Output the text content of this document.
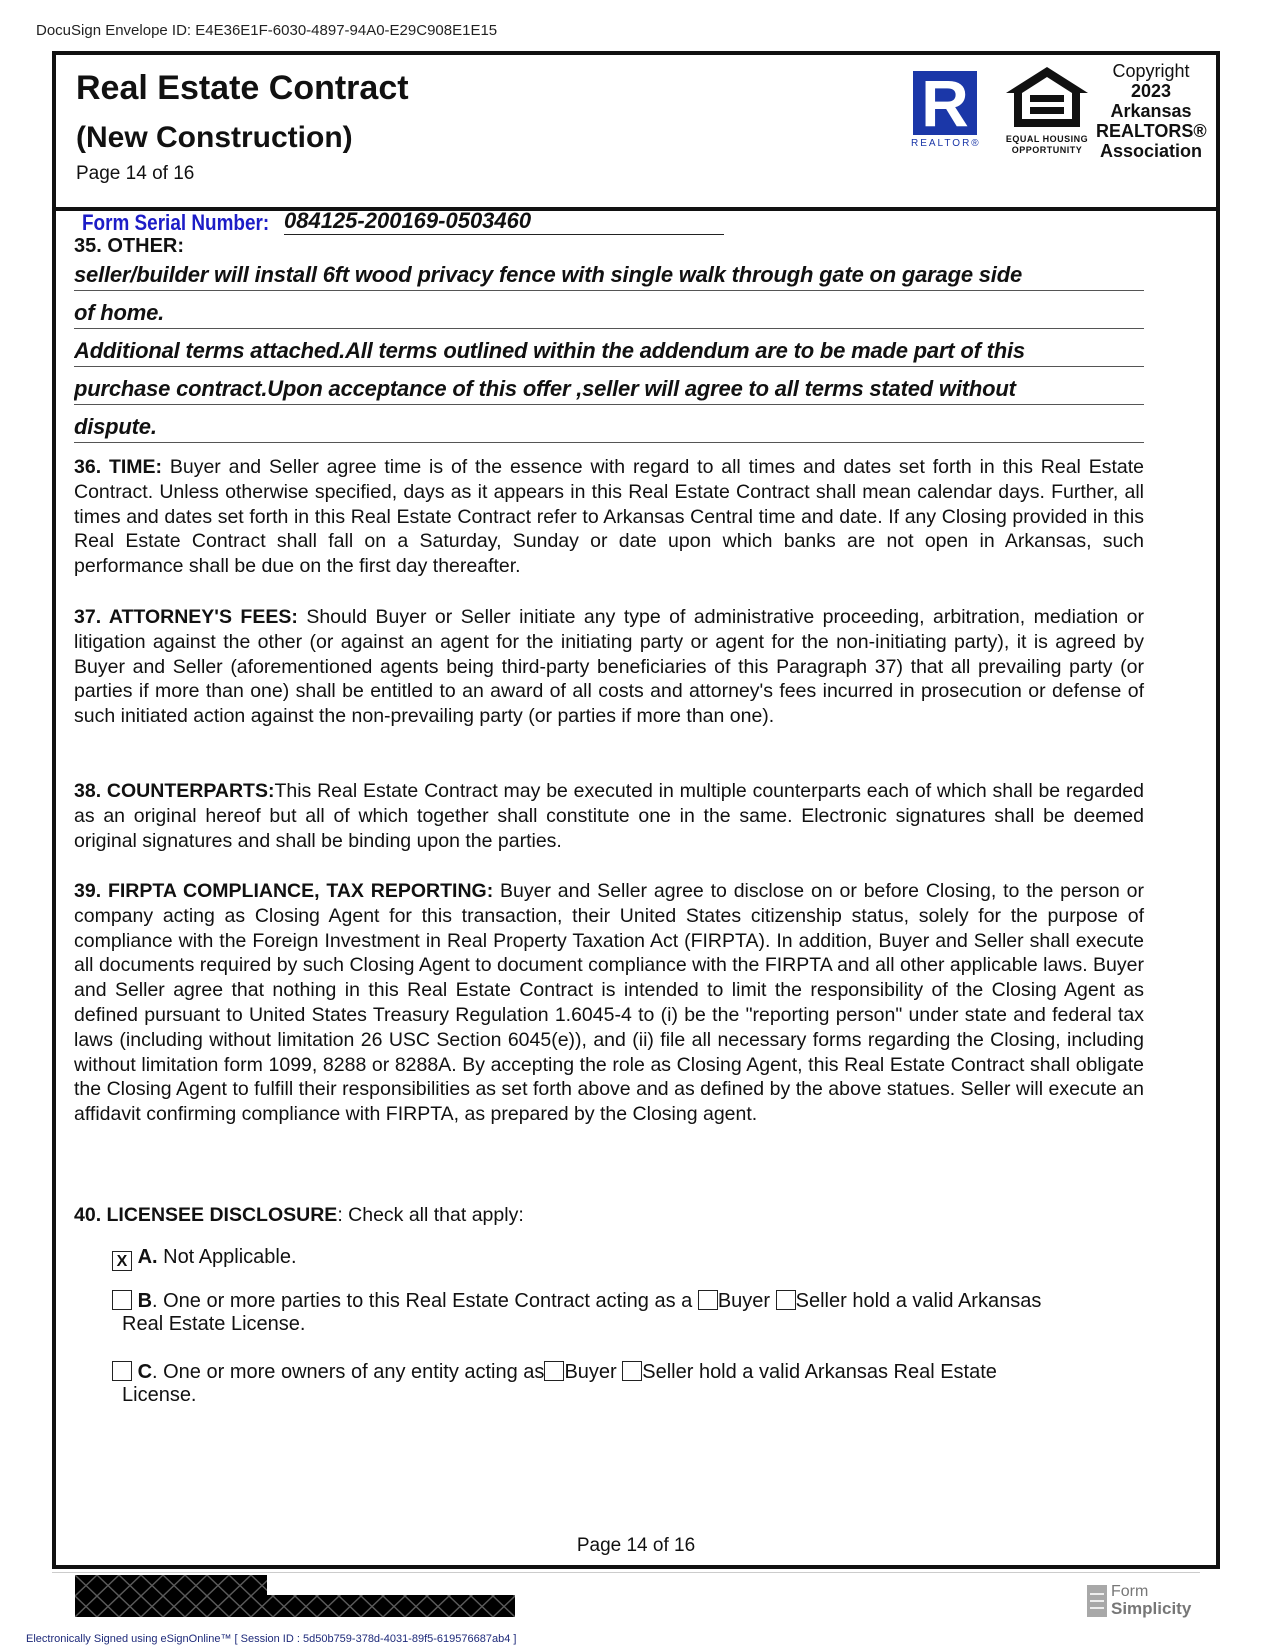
DocuSign Envelope ID: E4E36E1F-6030-4897-94A0-E29C908E1E15
Real Estate Contract
(New Construction)
Page 14 of 16
R
REALTOR®	EQUAL HOUSING
OPPORTUNITY
Copyright
2023
Arkansas
REALTORS®
Association
Form Serial Number: 084125-200169-0503460
35. OTHER:
seller/builder will install 6ft wood privacy fence with single walk through gate on garage side
of home.
Additional terms attached.All terms outlined within the addendum are to be made part of this
purchase contract.Upon acceptance of this offer ,seller will agree to all terms stated without
dispute.
36. TIME: Buyer and Seller agree time is of the essence with regard to all times and dates set forth in this Real Estate Contract. Unless otherwise specified, days as it appears in this Real Estate Contract shall mean calendar days. Further, all times and dates set forth in this Real Estate Contract refer to Arkansas Central time and date. If any Closing provided in this Real Estate Contract shall fall on a Saturday, Sunday or date upon which banks are not open in Arkansas, such performance shall be due on the first day thereafter.
37. ATTORNEY'S FEES: Should Buyer or Seller initiate any type of administrative proceeding, arbitration, mediation or litigation against the other (or against an agent for the initiating party or agent for the non-initiating party), it is agreed by Buyer and Seller (aforementioned agents being third-party beneficiaries of this Paragraph 37) that all prevailing party (or parties if more than one) shall be entitled to an award of all costs and attorney's fees incurred in prosecution or defense of such initiated action against the non-prevailing party (or parties if more than one).
38. COUNTERPARTS:This Real Estate Contract may be executed in multiple counterparts each of which shall be regarded as an original hereof but all of which together shall constitute one in the same. Electronic signatures shall be deemed original signatures and shall be binding upon the parties.
39. FIRPTA COMPLIANCE, TAX REPORTING: Buyer and Seller agree to disclose on or before Closing, to the person or company acting as Closing Agent for this transaction, their United States citizenship status, solely for the purpose of compliance with the Foreign Investment in Real Property Taxation Act (FIRPTA). In addition, Buyer and Seller shall execute all documents required by such Closing Agent to document compliance with the FIRPTA and all other applicable laws. Buyer and Seller agree that nothing in this Real Estate Contract is intended to limit the responsibility of the Closing Agent as defined pursuant to United States Treasury Regulation 1.6045-4 to (i) be the "reporting person" under state and federal tax laws (including without limitation 26 USC Section 6045(e)), and (ii) file all necessary forms regarding the Closing, including without limitation form 1099, 8288 or 8288A. By accepting the role as Closing Agent, this Real Estate Contract shall obligate the Closing Agent to fulfill their responsibilities as set forth above and as defined by the above statues. Seller will execute an affidavit confirming compliance with FIRPTA, as prepared by the Closing agent.
40. LICENSEE DISCLOSURE: Check all that apply:
X A. Not Applicable.
B. One or more parties to this Real Estate Contract acting as a Buyer Seller hold a valid Arkansas
Real Estate License.
C. One or more owners of any entity acting as Buyer Seller hold a valid Arkansas Real Estate
License.
Page 14 of 16
Form
Simplicity
Electronically Signed using eSignOnline™ [ Session ID : 5d50b759-378d-4031-89f5-619576687ab4 ]
